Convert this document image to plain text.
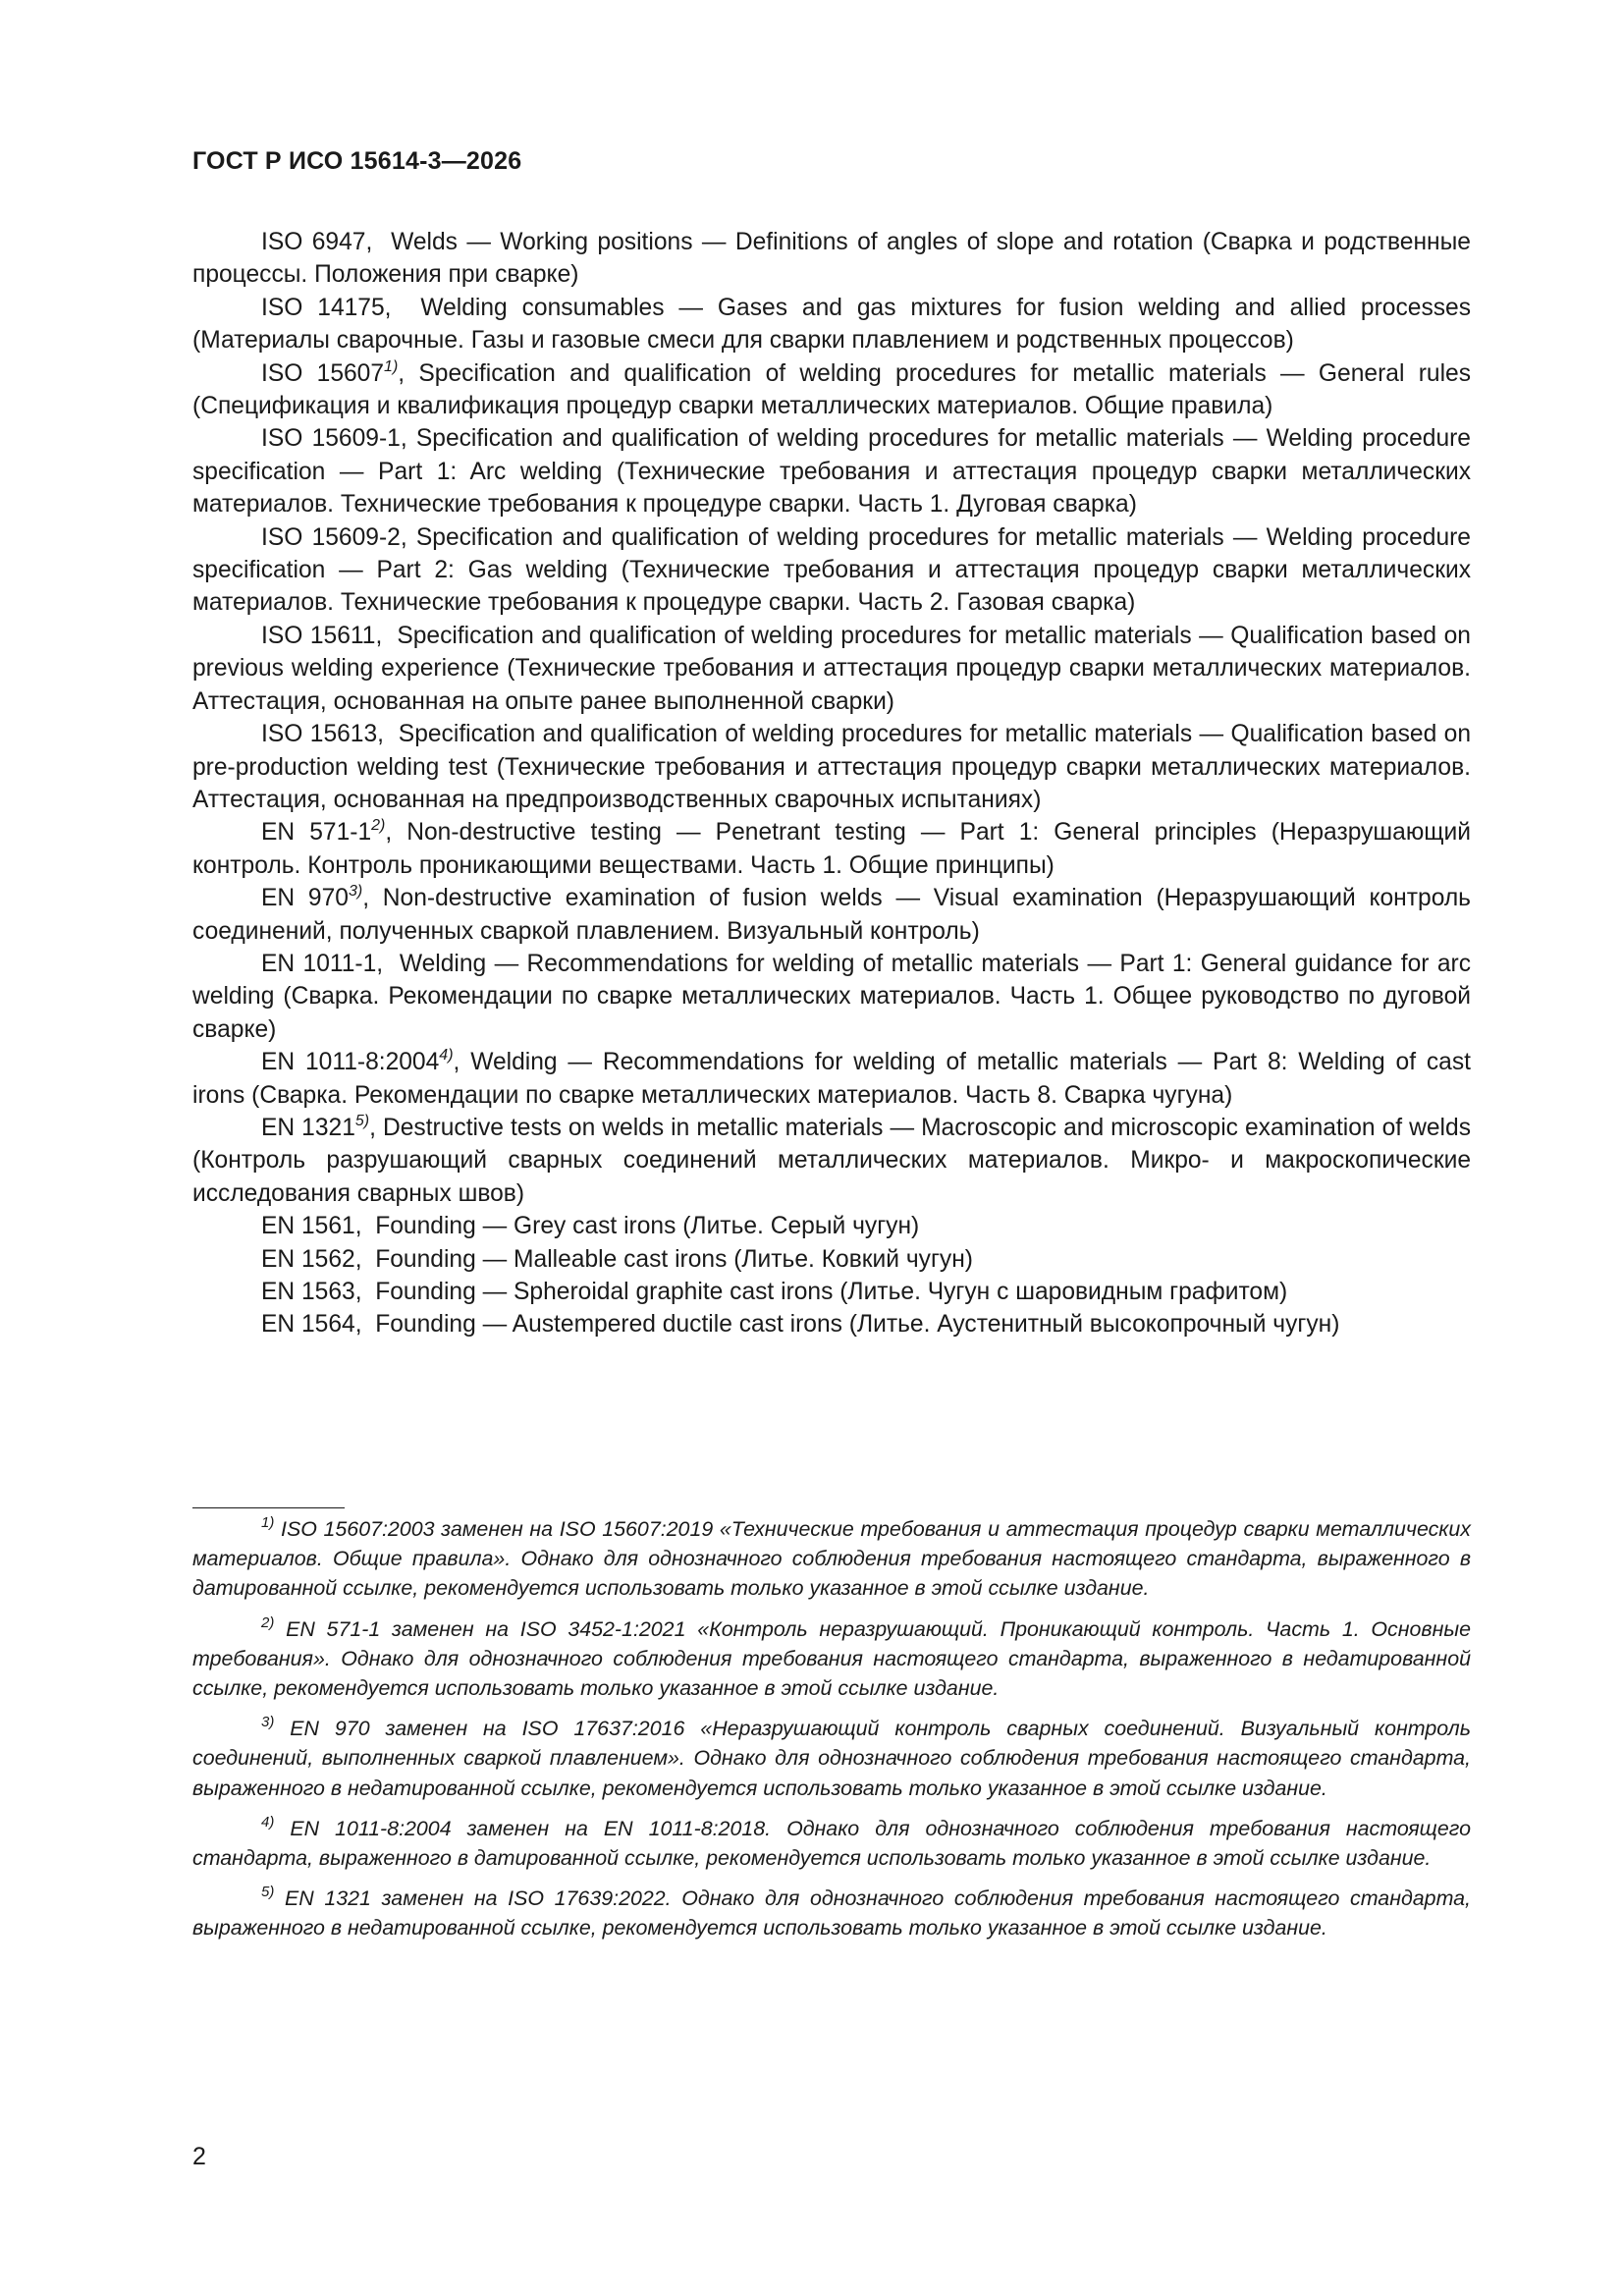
ГОСТ Р ИСО 15614-3—2026

ISO 6947, Welds — Working positions — Definitions of angles of slope and rotation (Сварка и родственные процессы. Положения при сварке)

ISO 14175, Welding consumables — Gases and gas mixtures for fusion welding and allied processes (Материалы сварочные. Газы и газовые смеси для сварки плавлением и родственных процессов)

ISO 15607$^{1)}$, Specification and qualification of welding procedures for metallic materials — General rules (Спецификация и квалификация процедур сварки металлических материалов. Общие правила)

ISO 15609-1, Specification and qualification of welding procedures for metallic materials — Welding procedure specification — Part 1: Arc welding (Технические требования и аттестация процедур сварки металлических материалов. Технические требования к процедуре сварки. Часть 1. Дуговая сварка)

ISO 15609-2, Specification and qualification of welding procedures for metallic materials — Welding procedure specification — Part 2: Gas welding (Технические требования и аттестация процедур сварки металлических материалов. Технические требования к процедуре сварки. Часть 2. Газовая сварка)

ISO 15611, Specification and qualification of welding procedures for metallic materials — Qualification based on previous welding experience (Технические требования и аттестация процедур сварки металлических материалов. Аттестация, основанная на опыте ранее выполненной сварки)

ISO 15613, Specification and qualification of welding procedures for metallic materials — Qualification based on pre-production welding test (Технические требования и аттестация процедур сварки металлических материалов. Аттестация, основанная на предпроизводственных сварочных испытаниях)

EN 571-1$^{2)}$, Non-destructive testing — Penetrant testing — Part 1: General principles (Неразрушающий контроль. Контроль проникающими веществами. Часть 1. Общие принципы)

EN 970$^{3)}$, Non-destructive examination of fusion welds — Visual examination (Неразрушающий контроль соединений, полученных сваркой плавлением. Визуальный контроль)

EN 1011-1, Welding — Recommendations for welding of metallic materials — Part 1: General guidance for arc welding (Сварка. Рекомендации по сварке металлических материалов. Часть 1. Общее руководство по дуговой сварке)

EN 1011-8:2004$^{4)}$, Welding — Recommendations for welding of metallic materials — Part 8: Welding of cast irons (Сварка. Рекомендации по сварке металлических материалов. Часть 8. Сварка чугуна)

EN 1321$^{5)}$, Destructive tests on welds in metallic materials — Macroscopic and microscopic examination of welds (Контроль разрушающий сварных соединений металлических материалов. Микро- и макроскопические исследования сварных швов)

EN 1561, Founding — Grey cast irons (Литье. Серый чугун)

EN 1562, Founding — Malleable cast irons (Литье. Ковкий чугун)

EN 1563, Founding — Spheroidal graphite cast irons (Литье. Чугун с шаровидным графитом)

EN 1564, Founding — Austempered ductile cast irons (Литье. Аустенитный высокопрочный чугун)

$^{1)}$ ISO 15607:2003 заменен на ISO 15607:2019 «Технические требования и аттестация процедур сварки металлических материалов. Общие правила». Однако для однозначного соблюдения требования настоящего стандарта, выраженного в датированной ссылке, рекомендуется использовать только указанное в этой ссылке издание.

$^{2)}$ EN 571-1 заменен на ISO 3452-1:2021 «Контроль неразрушающий. Проникающий контроль. Часть 1. Основные требования». Однако для однозначного соблюдения требования настоящего стандарта, выраженного в недатированной ссылке, рекомендуется использовать только указанное в этой ссылке издание.

$^{3)}$ EN 970 заменен на ISO 17637:2016 «Неразрушающий контроль сварных соединений. Визуальный контроль соединений, выполненных сваркой плавлением». Однако для однозначного соблюдения требования настоящего стандарта, выраженного в недатированной ссылке, рекомендуется использовать только указанное в этой ссылке издание.

$^{4)}$ EN 1011-8:2004 заменен на EN 1011-8:2018. Однако для однозначного соблюдения требования настоящего стандарта, выраженного в датированной ссылке, рекомендуется использовать только указанное в этой ссылке издание.

$^{5)}$ EN 1321 заменен на ISO 17639:2022. Однако для однозначного соблюдения требования настоящего стандарта, выраженного в недатированной ссылке, рекомендуется использовать только указанное в этой ссылке издание.

2
